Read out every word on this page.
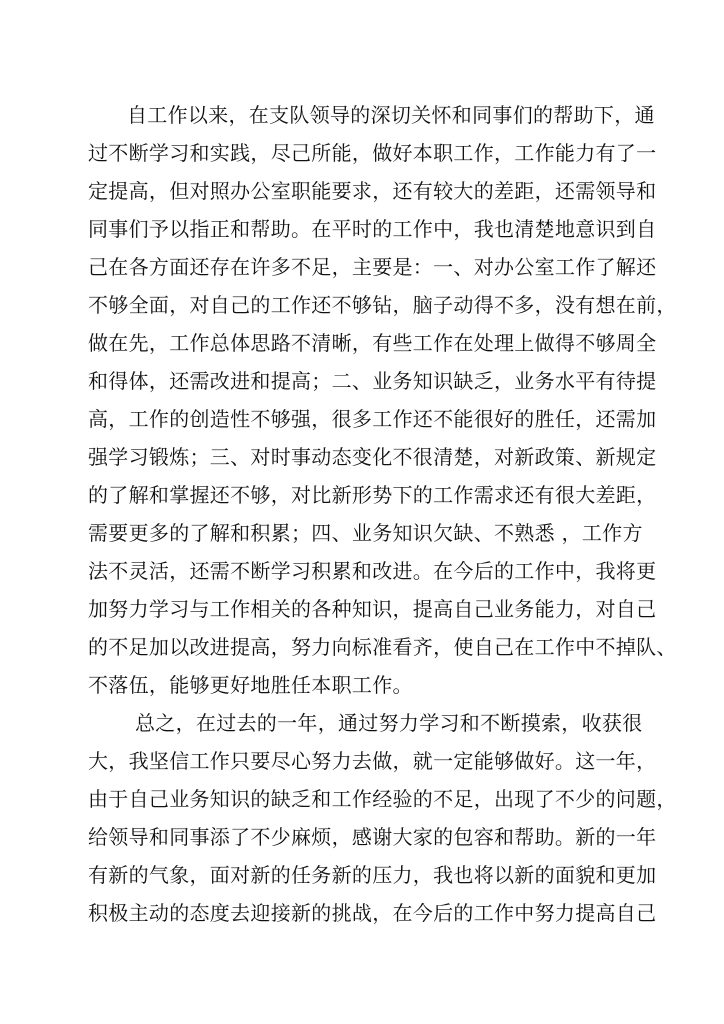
自工作以来，在支队领导的深切关怀和同事们的帮助下，通
过不断学习和实践，尽己所能，做好本职工作，工作能力有了一
定提高，但对照办公室职能要求，还有较大的差距，还需领导和
同事们予以指正和帮助。在平时的工作中，我也清楚地意识到自
己在各方面还存在许多不足，主要是：一、对办公室工作了解还
不够全面，对自己的工作还不够钻，脑子动得不多，没有想在前，
做在先，工作总体思路不清晰，有些工作在处理上做得不够周全
和得体，还需改进和提高；二、业务知识缺乏，业务水平有待提
高，工作的创造性不够强，很多工作还不能很好的胜任，还需加
强学习锻炼；三、对时事动态变化不很清楚，对新政策、新规定
的了解和掌握还不够，对比新形势下的工作需求还有很大差距，
需要更多的了解和积累；四、业务知识欠缺、不熟悉 ，工作方
法不灵活，还需不断学习积累和改进。在今后的工作中，我将更
加努力学习与工作相关的各种知识，提高自己业务能力，对自己
的不足加以改进提高，努力向标准看齐，使自己在工作中不掉队、
不落伍，能够更好地胜任本职工作。
总之，在过去的一年，通过努力学习和不断摸索，收获很
大，我坚信工作只要尽心努力去做，就一定能够做好。这一年，
由于自己业务知识的缺乏和工作经验的不足，出现了不少的问题，
给领导和同事添了不少麻烦，感谢大家的包容和帮助。新的一年
有新的气象，面对新的任务新的压力，我也将以新的面貌和更加
积极主动的态度去迎接新的挑战，在今后的工作中努力提高自己
